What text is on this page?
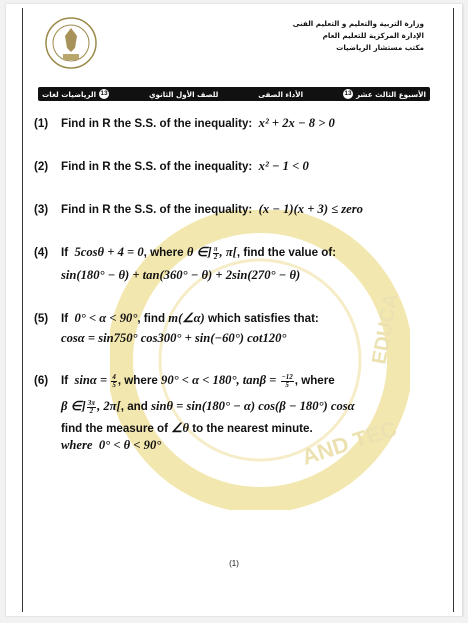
AND TEC
EDUCA
وزارة التربية والتعليم و التعليم الفنى
الإدارة المركزية للتعليم العام
مكتب مستشار الرياضيات
13
الرياضيات لغات	للصف الأول الثانوي	الأداء الصفى	الأسبوع الثالث عشر
13
(1) Find in R the S.S. of the inequality:  x² + 2x − 8 > 0
(2) Find in R the S.S. of the inequality:  x² − 1 < 0
(3) Find in R the S.S. of the inequality:  (x − 1)(x + 3) ≤ zero
(4) If  5cosθ + 4 = 0, where θ ∈] $\frac{\pi}{2}$ , π[, find the value of:
sin(180° − θ) + tan(360° − θ) + 2sin(270° − θ)
(5) If  0° < α < 90°, find m(∠α) which satisfies that:
cosα = sin750° cos300° + sin(−60°) cot120°
(6) If  $\sin\alpha = \frac{4}{5}$ , where 90° < α < 180°, $\tan\beta = \frac{-12}{5}$ , where
β ∈] $\frac{3\pi}{2}$ , 2π[, and sinθ = sin(180° − α) cos(β − 180°) cosα
find the measure of ∠θ to the nearest minute.
where  0° < θ < 90°
(1)
